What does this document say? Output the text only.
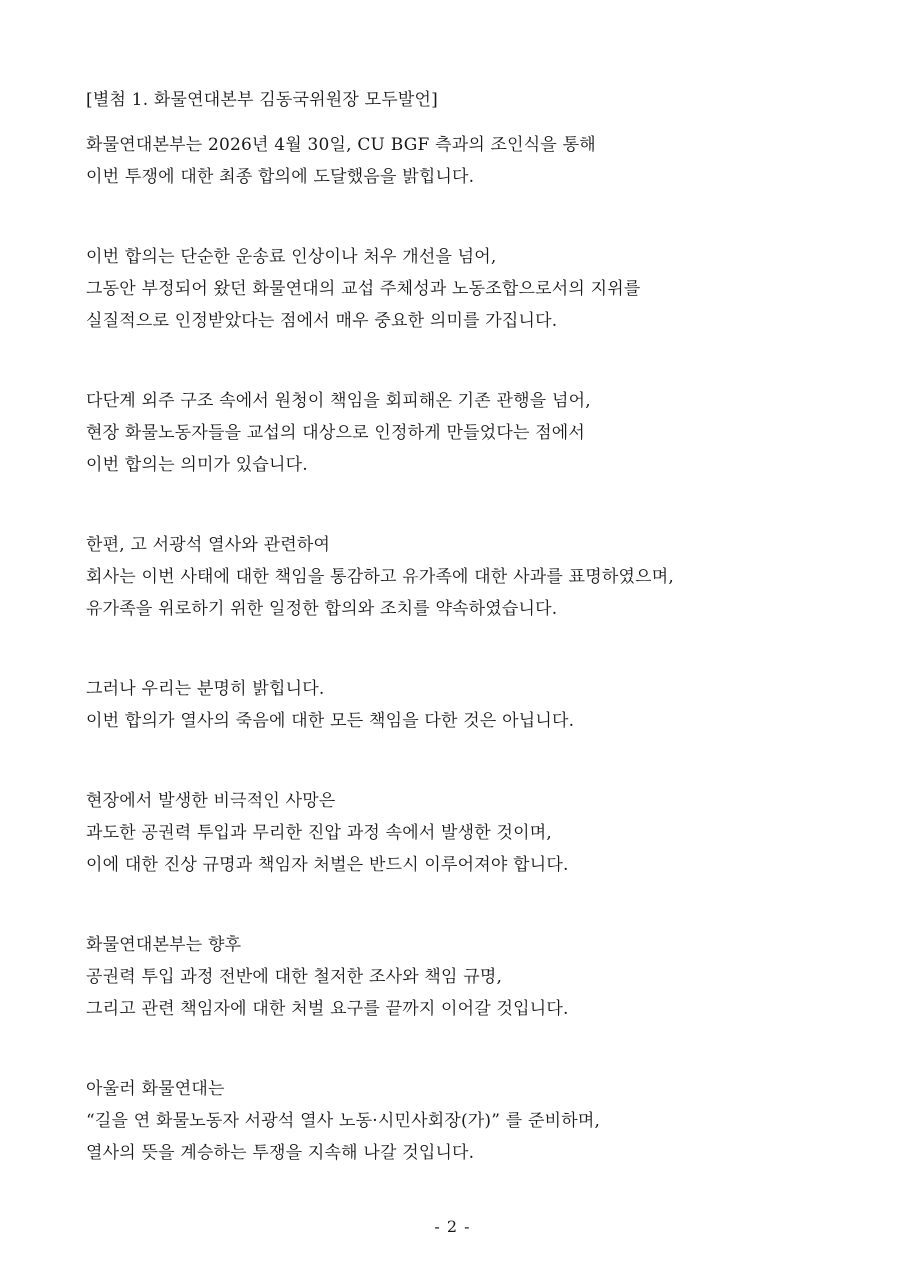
[별첨 1. 화물연대본부 김동국위원장 모두발언]
화물연대본부는 2026년 4월 30일, CU BGF 측과의 조인식을 통해
이번 투쟁에 대한 최종 합의에 도달했음을 밝힙니다.
이번 합의는 단순한 운송료 인상이나 처우 개선을 넘어,
그동안 부정되어 왔던 화물연대의 교섭 주체성과 노동조합으로서의 지위를
실질적으로 인정받았다는 점에서 매우 중요한 의미를 가집니다.
다단계 외주 구조 속에서 원청이 책임을 회피해온 기존 관행을 넘어,
현장 화물노동자들을 교섭의 대상으로 인정하게 만들었다는 점에서
이번 합의는 의미가 있습니다.
한편, 고 서광석 열사와 관련하여
회사는 이번 사태에 대한 책임을 통감하고 유가족에 대한 사과를 표명하였으며,
유가족을 위로하기 위한 일정한 합의와 조치를 약속하였습니다.
그러나 우리는 분명히 밝힙니다.
이번 합의가 열사의 죽음에 대한 모든 책임을 다한 것은 아닙니다.
현장에서 발생한 비극적인 사망은
과도한 공권력 투입과 무리한 진압 과정 속에서 발생한 것이며,
이에 대한 진상 규명과 책임자 처벌은 반드시 이루어져야 합니다.
화물연대본부는 향후
공권력 투입 과정 전반에 대한 철저한 조사와 책임 규명,
그리고 관련 책임자에 대한 처벌 요구를 끝까지 이어갈 것입니다.
아울러 화물연대는
“길을 연 화물노동자 서광석 열사 노동·시민사회장(가)” 를 준비하며,
열사의 뜻을 계승하는 투쟁을 지속해 나갈 것입니다.
- 2 -
